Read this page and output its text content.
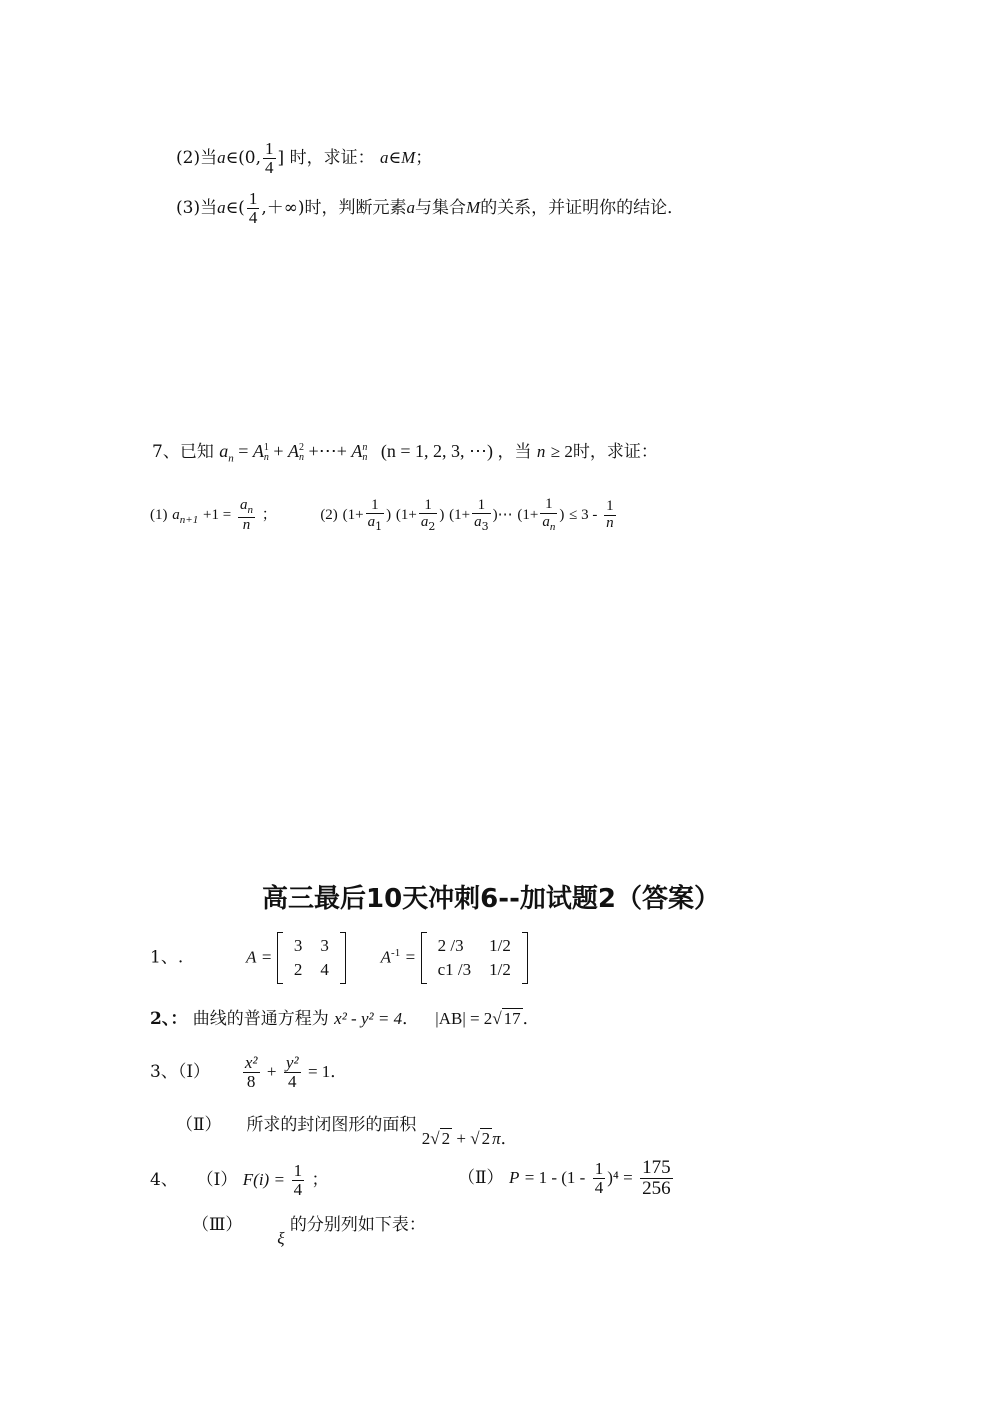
(2)当a∈(0, $\frac{1}{4}$ ] 时，求证： a∈M；
(3)当a∈( $\frac{1}{4}$ ,＋∞)时，判断元素a与集合M的关系，并证明你的结论．
7、已知 $a_n = A$ 1
n + A 2
n +⋯+ A n
n (n = 1, 2, 3, ⋯) ，当 n ≥ 2时，求证：
(1) $a_{n+1} +1 = \frac{a_n}{n}$ ；	(2) ($1+ \frac{1}{a_1}$ ) ($1+ \frac{1}{a_2}$ ) ($1+ \frac{1}{a_3}$ )⋯ ($1+ \frac{1}{a_n}$ ) ≤ $3 - \frac{1}{n}$
高三最后10天冲刺6--加试题2（答案）
1、.	A =
3	3
2	4
$A^{-1}$ =
2 /3	1/2
c1 /3	1/2
2、： 曲线的普通方程为 x² - y² = 4． |AB| = 2√ 17 ．
3、（Ⅰ） $\frac{\text{x²}}{8} + \frac{\text{y²}}{4} = 1$．
（Ⅱ） 所求的封闭图形的面积 2√ 2 + √ 2 π．
4、 （Ⅰ） $F(i) = \frac{1}{4}$ ；	（Ⅱ） $P = 1 - (1 - \frac{1}{4} )^4 = \frac{175}{256}$
（Ⅲ）  ξ 的分别列如下表：
